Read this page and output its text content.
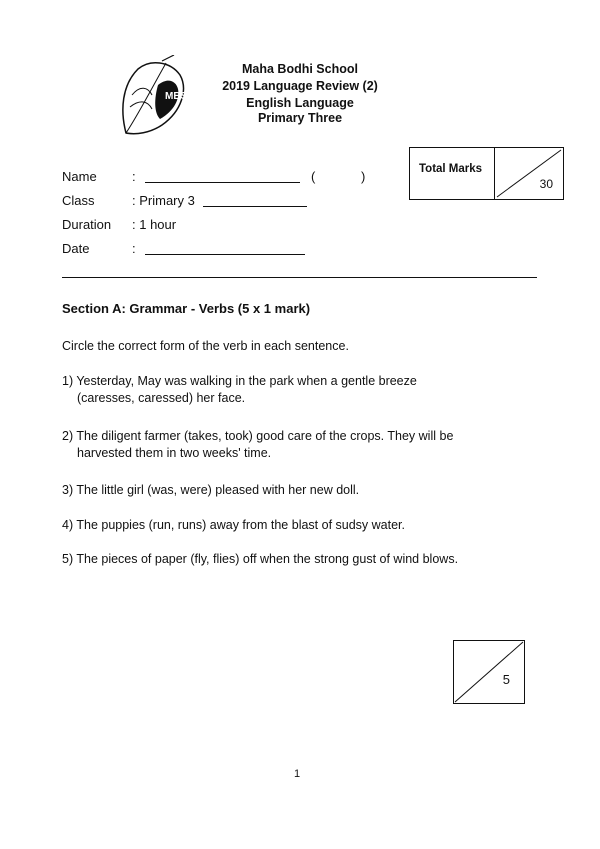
MBS
Maha Bodhi School
2019 Language Review (2)
English Language
Primary Three
Name	:	(	)
Class	: Primary 3
Duration : 1 hour
Date	:
Total Marks
30
Section A: Grammar - Verbs (5 x 1 mark)
Circle the correct form of the verb in each sentence.
1) Yesterday, May was walking in the park when a gentle breeze
(caresses, caressed) her face.
2) The diligent farmer (takes, took) good care of the crops. They will be
harvested them in two weeks' time.
3) The little girl (was, were) pleased with her new doll.
4) The puppies (run, runs) away from the blast of sudsy water.
5) The pieces of paper (fly, flies) off when the strong gust of wind blows.
5
1
